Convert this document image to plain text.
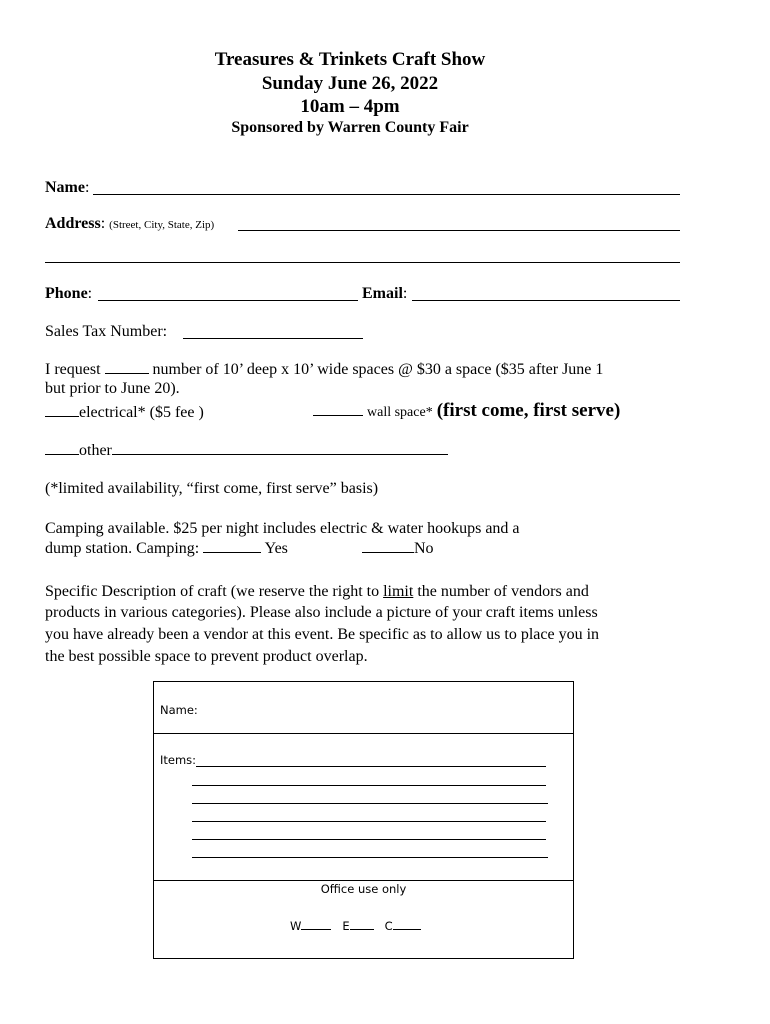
Treasures & Trinkets Craft Show
Sunday June 26, 2022
10am – 4pm
Sponsored by Warren County Fair
Name:
Address: (Street, City, State, Zip)
Phone:	Email:
Sales Tax Number:
I request	number of 10’ deep x 10’ wide spaces @ $30 a space ($35 after June 1
but prior to June 20).
electrical* ($5 fee )	wall space* (first come, first serve)
other
(*limited availability, “first come, first serve” basis)
Camping available. $25 per night includes electric & water hookups and a
dump station. Camping:	Yes	No
Specific Description of craft (we reserve the right to limit the number of vendors and
products in various categories). Please also include a picture of your craft items unless
you have already been a vendor at this event. Be specific as to allow us to place you in
the best possible space to prevent product overlap.
Name:
Items:
Office use only
W	E	C
